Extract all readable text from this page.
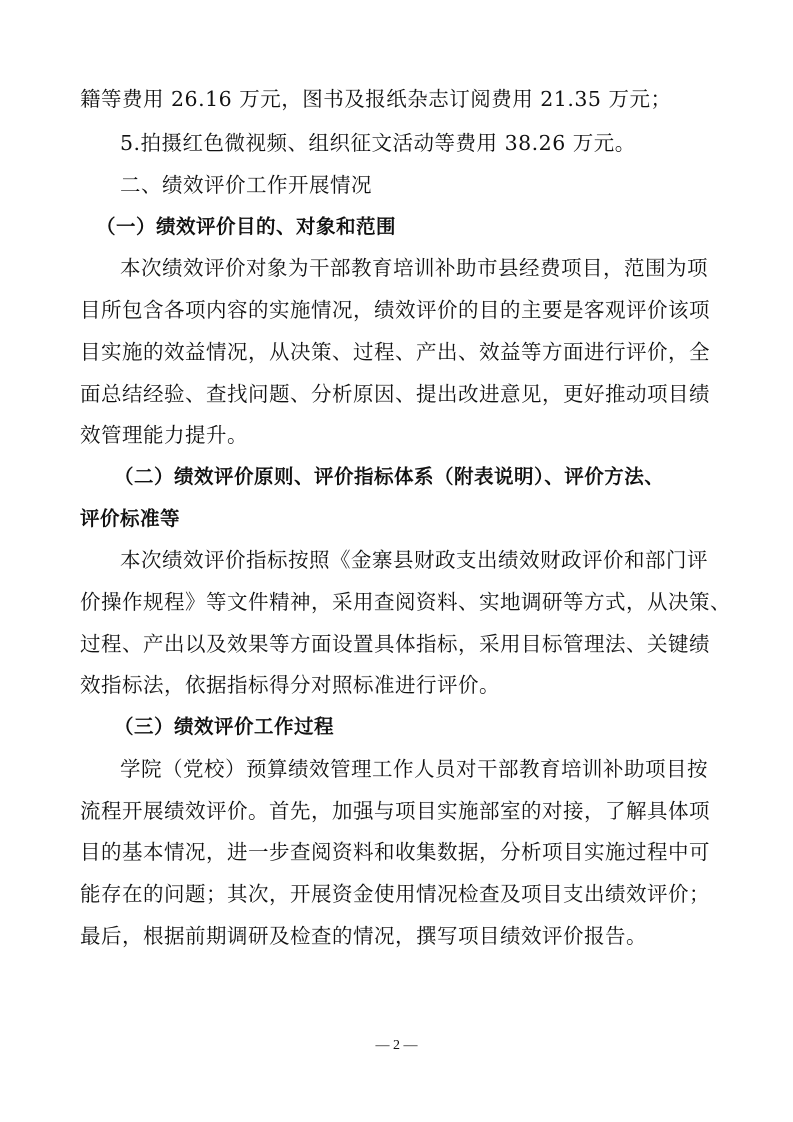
籍等费用 26.16 万元，图书及报纸杂志订阅费用 21.35 万元；
5.拍摄红色微视频、组织征文活动等费用 38.26 万元。
二、绩效评价工作开展情况
（一）绩效评价目的、对象和范围
本次绩效评价对象为干部教育培训补助市县经费项目，范围为项
目所包含各项内容的实施情况，绩效评价的目的主要是客观评价该项
目实施的效益情况，从决策、过程、产出、效益等方面进行评价，全
面总结经验、查找问题、分析原因、提出改进意见，更好推动项目绩
效管理能力提升。
（二）绩效评价原则、评价指标体系（附表说明）、评价方法、
评价标准等
本次绩效评价指标按照《金寨县财政支出绩效财政评价和部门评
价操作规程》等文件精神，采用查阅资料、实地调研等方式，从决策、
过程、产出以及效果等方面设置具体指标，采用目标管理法、关键绩
效指标法，依据指标得分对照标准进行评价。
（三）绩效评价工作过程
学院（党校）预算绩效管理工作人员对干部教育培训补助项目按
流程开展绩效评价。首先，加强与项目实施部室的对接，了解具体项
目的基本情况，进一步查阅资料和收集数据，分析项目实施过程中可
能存在的问题；其次，开展资金使用情况检查及项目支出绩效评价；
最后，根据前期调研及检查的情况，撰写项目绩效评价报告。
— 2 —
